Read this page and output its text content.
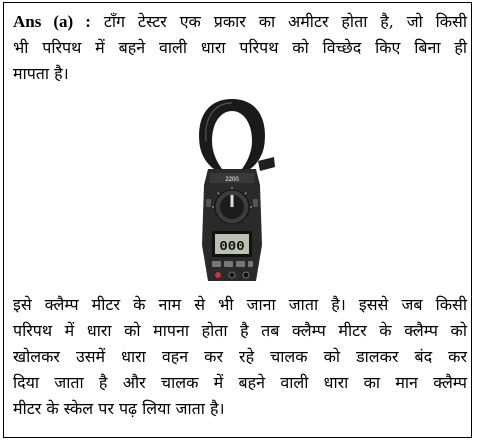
Ans (a) : टाँग टेस्टर एक प्रकार का अमीटर होता है, जो किसी
भी परिपथ में बहने वाली धारा परिपथ को विच्छेद किए बिना ही
मापता है।
2200
000
इसे क्लैम्प मीटर के नाम से भी जाना जाता है। इससे जब किसी
परिपथ में धारा को मापना होता है तब क्लैम्प मीटर के क्लैम्प को
खोलकर उसमें धारा वहन कर रहे चालक को डालकर बंद कर
दिया जाता है और चालक में बहने वाली धारा का मान क्लैम्प
मीटर के स्केल पर पढ़ लिया जाता है।
